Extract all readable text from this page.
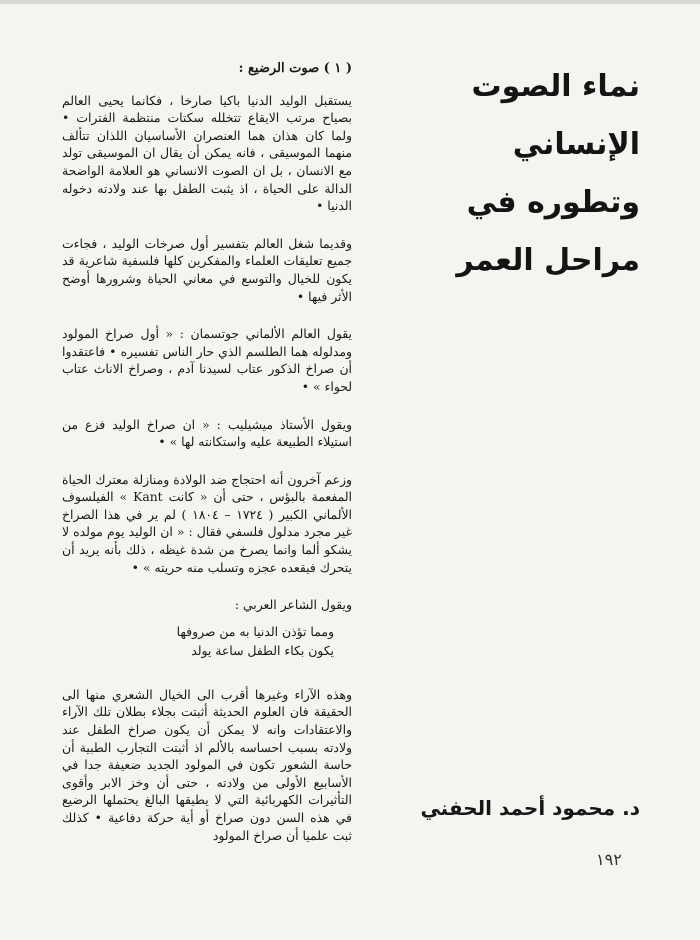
نماء الصوت الإنساني
وتطوره في مراحل العمر
( ١ ) صوت الرضيع :

يستقبل الوليد الدنيا باكيا صارخا ، فكانما يحيى العالم بصياح مرتب الايقاع تتخلله سكتات منتظمة الفترات • ولما كان هذان هما العنصران الأساسيان اللذان تتألف منهما الموسيقى ، فانه يمكن أن يقال ان الموسيقى تولد مع الانسان ، بل ان الصوت الانساني هو العلامة الواضحة الدالة على الحياة ، اذ يثبت الطفل بها عند ولادته دخوله الدنيا •

وقديما شغل العالم بتفسير أول صرخات الوليد ، فجاءت جميع تعليقات العلماء والمفكرين كلها فلسفية شاعرية قد يكون للخيال والتوسع في معاني الحياة وشرورها أوضح الأثر فيها •

يقول العالم الألماني جوتسمان : « أول صراخ المولود ومدلوله هما الطلسم الذي حار الناس تفسيره • فاعتقدوا أن صراخ الذكور عتاب لسيدنا آدم ، وصراخ الاناث عتاب لحواء » •

ويقول الأستاذ ميشيليب : « ان صراخ الوليد فزع من استيلاء الطبيعة عليه واستكانته لها » •

وزعم آخرون أنه احتجاج ضد الولادة ومنازلة معترك الحياة المفعمة بالبؤس ، حتى أن « كانت Kant » الفيلسوف الألماني الكبير ( ١٧٢٤ – ١٨٠٤ ) لم ير في هذا الصراخ غير مجرد مدلول فلسفي فقال : « ان الوليد يوم مولده لا يشكو ألما وانما يصرخ من شدة غيظه ، ذلك بأنه يريد أن يتحرك فيقعده عجزه وتسلب منه حريته » •

ويقول الشاعر العربي :
ومما تؤذن الدنيا به من صروفها
يكون بكاء الطفل ساعة يولد

وهذه الآراء وغيرها أقرب الى الخيال الشعري منها الى الحقيقة فان العلوم الحديثة أثبتت بجلاء بطلان تلك الآراء والاعتقادات وانه لا يمكن أن يكون صراخ الطفل عند ولادته بسبب احساسه بالألم اذ أثبتت التجارب الطبية أن حاسة الشعور تكون في المولود الجديد ضعيفة جدا في الأسابيع الأولى من ولادته ، حتى أن وخز الابر وأقوى التأثيرات الكهربائية التي لا يطيقها البالغ يحتملها الرضيع في هذه السن دون صراخ أو أية حركة دفاعية • كذلك ثبت علميا أن صراخ المولود

د. محمود أحمد الحفني
١٩٢
